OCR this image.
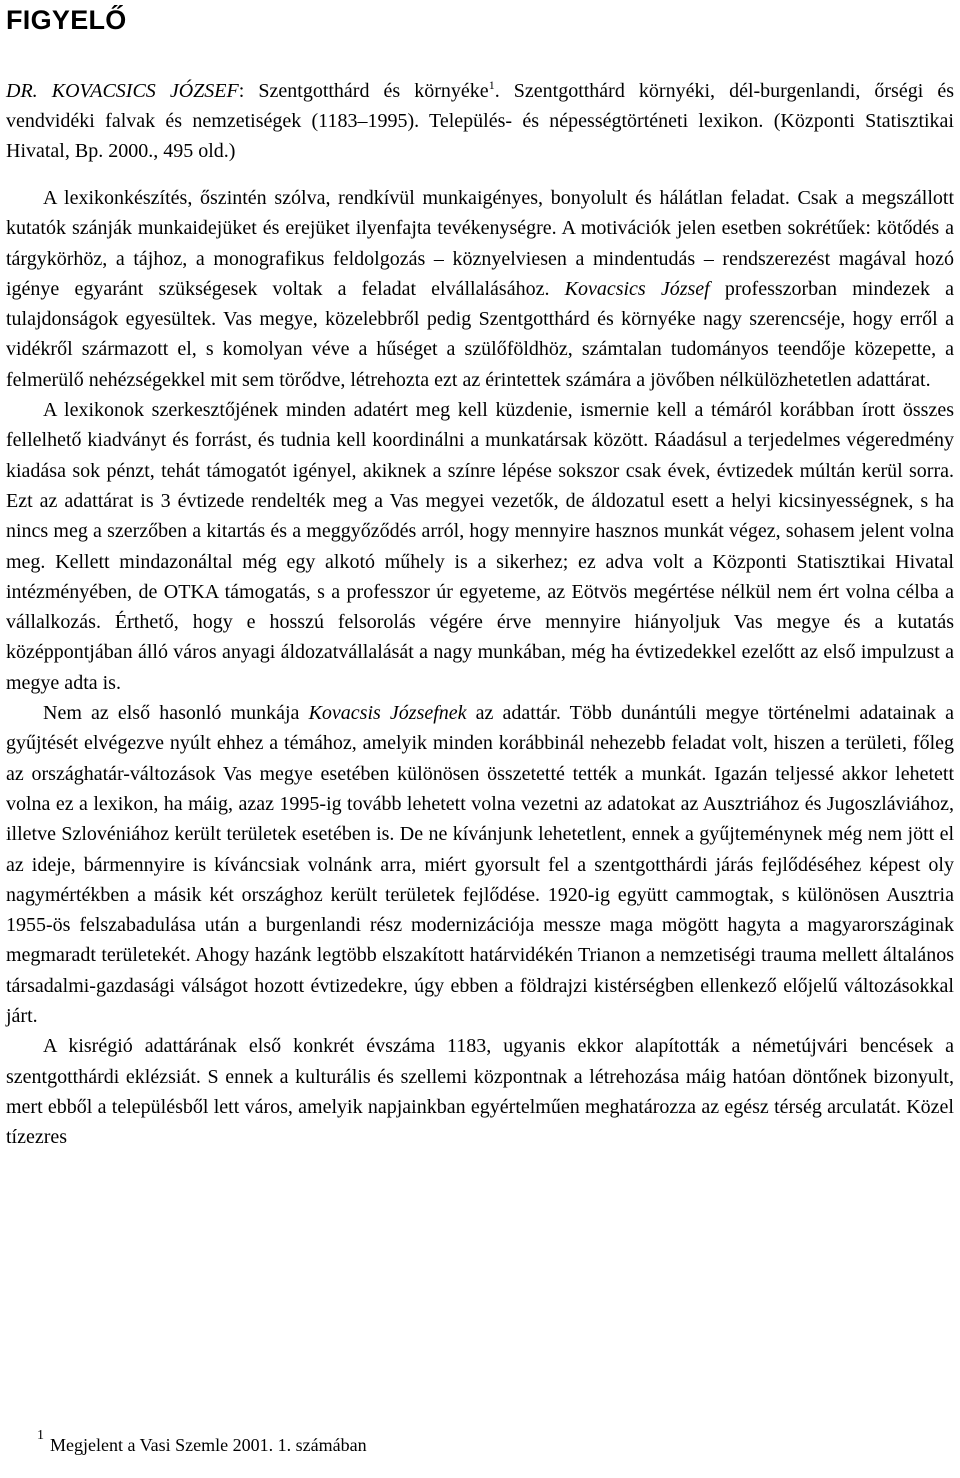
FIGYELŐ
DR. KOVACSICS JÓZSEF: Szentgotthárd és környéke$^1$. Szentgotthárd környéki, dél-burgenlandi, őrségi és vendvidéki falvak és nemzetiségek (1183–1995). Település- és népességtörténeti lexikon. (Központi Statisztikai Hivatal, Bp. 2000., 495 old.)

A lexikonkészítés, őszintén szólva, rendkívül munkaigényes, bonyolult és hálátlan feladat. Csak a megszállott kutatók szánják munkaidejüket és erejüket ilyenfajta tevékenységre. A motivációk jelen esetben sokrétűek: kötődés a tárgykörhöz, a tájhoz, a monografikus feldolgozás – köznyelviesen a mindentudás – rendszerezést magával hozó igénye egyaránt szükségesek voltak a feladat elvállalásához. Kovacsics József professzorban mindezek a tulajdonságok egyesültek. Vas megye, közelebbről pedig Szentgotthárd és környéke nagy szerencséje, hogy erről a vidékről származott el, s komolyan véve a hűséget a szülőföldhöz, számtalan tudományos teendője közepette, a felmerülő nehézségekkel mit sem törődve, létrehozta ezt az érintettek számára a jövőben nélkülözhetetlen adattárat.

A lexikonok szerkesztőjének minden adatért meg kell küzdenie, ismernie kell a témáról korábban írott összes fellelhető kiadványt és forrást, és tudnia kell koordinálni a munkatársak között. Ráadásul a terjedelmes végeredmény kiadása sok pénzt, tehát támogatót igényel, akiknek a színre lépése sokszor csak évek, évtizedek múltán kerül sorra. Ezt az adattárat is 3 évtizede rendelték meg a Vas megyei vezetők, de áldozatul esett a helyi kicsinyességnek, s ha nincs meg a szerzőben a kitartás és a meggyőződés arról, hogy mennyire hasznos munkát végez, sohasem jelent volna meg. Kellett mindazonáltal még egy alkotó műhely is a sikerhez; ez adva volt a Központi Statisztikai Hivatal intézményében, de OTKA támogatás, s a professzor úr egyeteme, az Eötvös megértése nélkül nem ért volna célba a vállalkozás. Érthető, hogy e hosszú felsorolás végére érve mennyire hiányoljuk Vas megye és a kutatás középpontjában álló város anyagi áldozatvállalását a nagy munkában, még ha évtizedekkel ezelőtt az első impulzust a megye adta is.

Nem az első hasonló munkája Kovacsis Józsefnek az adattár. Több dunántúli megye történelmi adatainak a gyűjtését elvégezve nyúlt ehhez a témához, amelyik minden korábbinál nehezebb feladat volt, hiszen a területi, főleg az országhatár-változások Vas megye esetében különösen összetetté tették a munkát. Igazán teljessé akkor lehetett volna ez a lexikon, ha máig, azaz 1995-ig tovább lehetett volna vezetni az adatokat az Ausztriához és Jugoszláviához, illetve Szlovéniához került területek esetében is. De ne kívánjunk lehetetlent, ennek a gyűjteménynek még nem jött el az ideje, bármennyire is kíváncsiak volnánk arra, miért gyorsult fel a szentgotthárdi járás fejlődéséhez képest oly nagymértékben a másik két országhoz került területek fejlődése. 1920-ig együtt cammogtak, s különösen Ausztria 1955-ös felszabadulása után a burgenlandi rész modernizációja messze maga mögött hagyta a magyarországinak megmaradt területekét. Ahogy hazánk legtöbb elszakított határvidékén Trianon a nemzetiségi trauma mellett általános társadalmi-gazdasági válságot hozott évtizedekre, úgy ebben a földrajzi kistérségben ellenkező előjelű változásokkal járt.

A kisrégió adattárának első konkrét évszáma 1183, ugyanis ekkor alapították a németújvári bencések a szentgotthárdi eklézsiát. S ennek a kulturális és szellemi központnak a létrehozása máig hatóan döntőnek bizonyult, mert ebből a településből lett város, amelyik napjainkban egyértelműen meghatározza az egész térség arculatát. Közel tízezres

$^1$ Megjelent a Vasi Szemle 2001. 1. számában
